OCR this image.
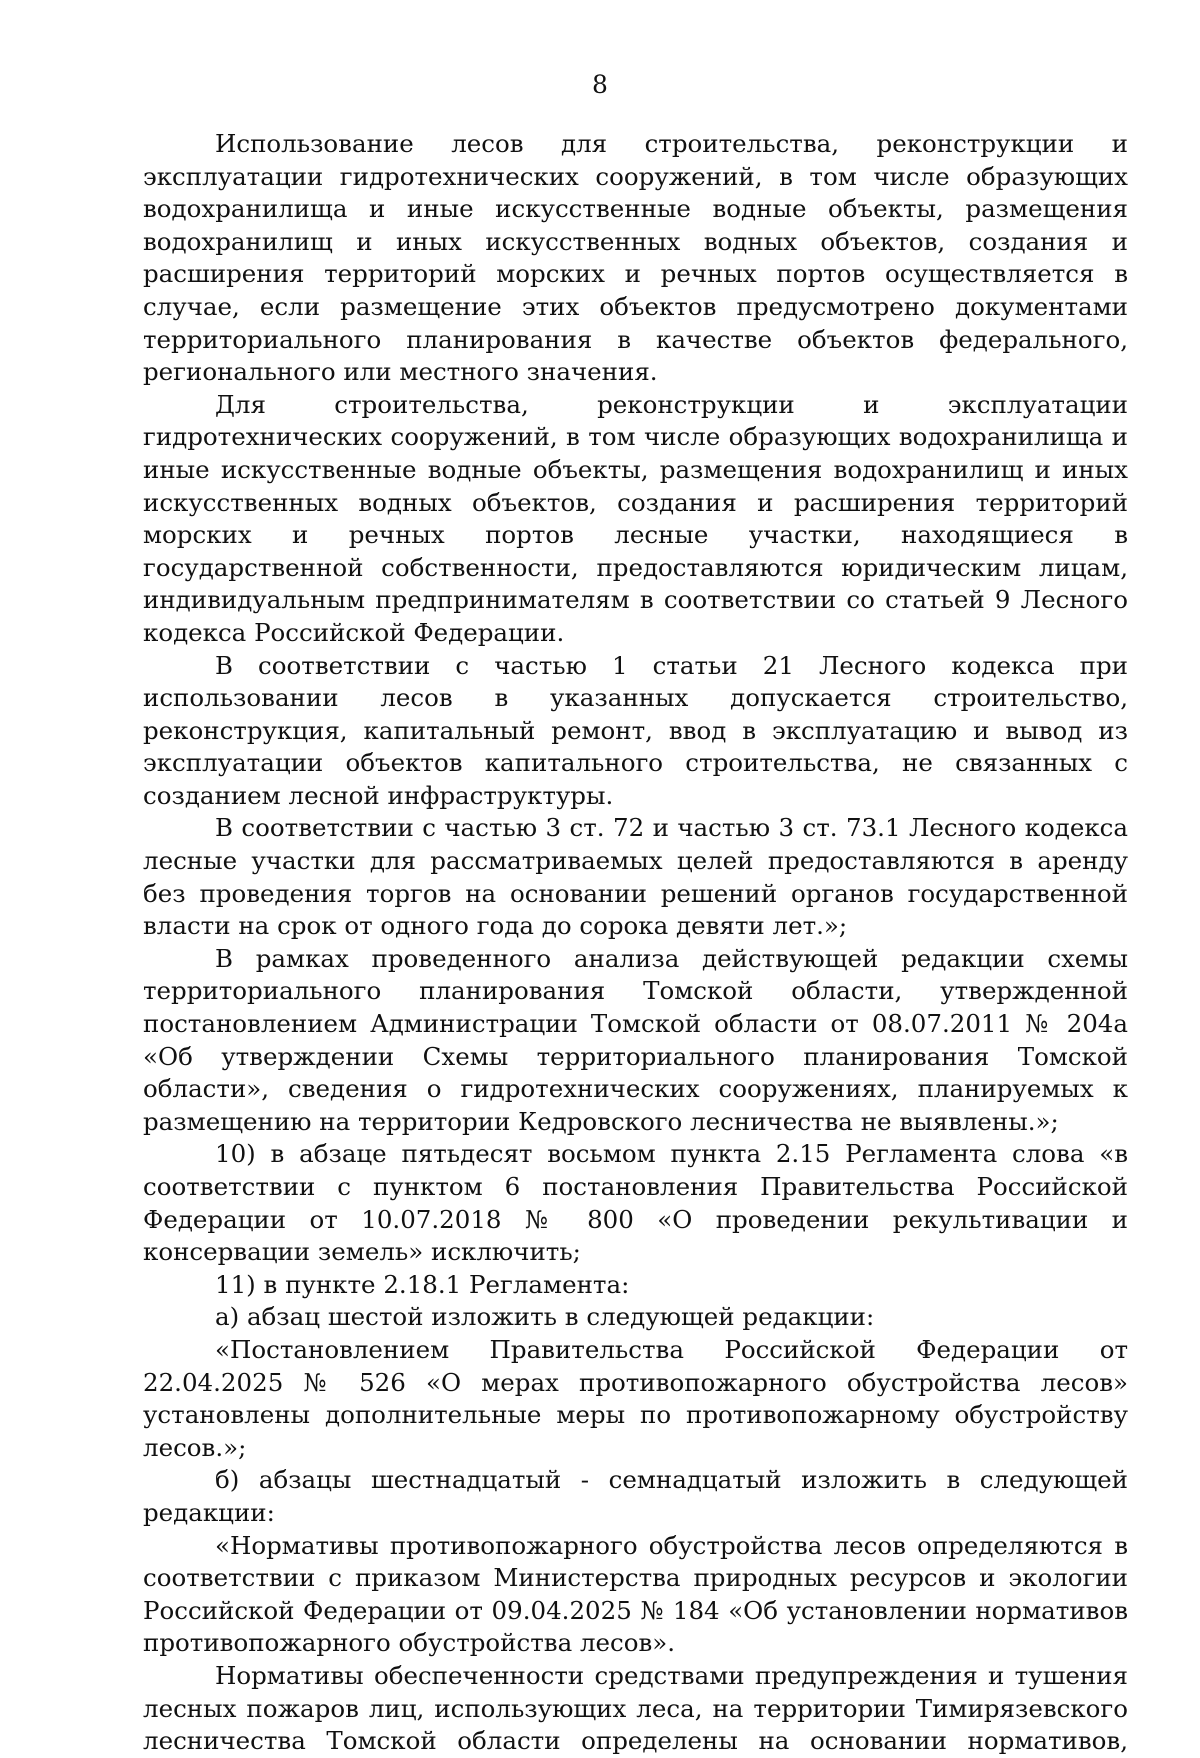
8

Использование лесов для строительства, реконструкции и эксплуатации гидротехнических сооружений, в том числе образующих водохранилища и иные искусственные водные объекты, размещения водохранилищ и иных искусственных водных объектов, создания и расширения территорий морских и речных портов осуществляется в случае, если размещение этих объектов предусмотрено документами территориального планирования в качестве объектов федерального, регионального или местного значения.

Для строительства, реконструкции и эксплуатации гидротехнических сооружений, в том числе образующих водохранилища и иные искусственные водные объекты, размещения водохранилищ и иных искусственных водных объектов, создания и расширения территорий морских и речных портов лесные участки, находящиеся в государственной собственности, предоставляются юридическим лицам, индивидуальным предпринимателям в соответствии со статьей 9 Лесного кодекса Российской Федерации.

В соответствии с частью 1 статьи 21 Лесного кодекса при использовании лесов в указанных допускается строительство, реконструкция, капитальный ремонт, ввод в эксплуатацию и вывод из эксплуатации объектов капитального строительства, не связанных с созданием лесной инфраструктуры.

В соответствии с частью 3 ст. 72 и частью 3 ст. 73.1 Лесного кодекса лесные участки для рассматриваемых целей предоставляются в аренду без проведения торгов на основании решений органов государственной власти на срок от одного года до сорока девяти лет.»;

В рамках проведенного анализа действующей редакции схемы территориального планирования Томской области, утвержденной постановлением Администрации Томской области от 08.07.2011 № 204а «Об утверждении Схемы территориального планирования Томской области», сведения о гидротехнических сооружениях, планируемых к размещению на территории Кедровского лесничества не выявлены.»;

10) в абзаце пятьдесят восьмом пункта 2.15 Регламента слова «в соответствии с пунктом 6 постановления Правительства Российской Федерации от 10.07.2018 № 800 «О проведении рекультивации и консервации земель» исключить;

11) в пункте 2.18.1 Регламента:

а) абзац шестой изложить в следующей редакции:

«Постановлением Правительства Российской Федерации от 22.04.2025 № 526 «О мерах противопожарного обустройства лесов» установлены дополнительные меры по противопожарному обустройству лесов.»;

б) абзацы шестнадцатый - семнадцатый изложить в следующей редакции:

«Нормативы противопожарного обустройства лесов определяются в соответствии с приказом Министерства природных ресурсов и экологии Российской Федерации от 09.04.2025 № 184 «Об установлении нормативов противопожарного обустройства лесов».

Нормативы обеспеченности средствами предупреждения и тушения лесных пожаров лиц, использующих леса, на территории Тимирязевского лесничества Томской области определены на основании нормативов,
